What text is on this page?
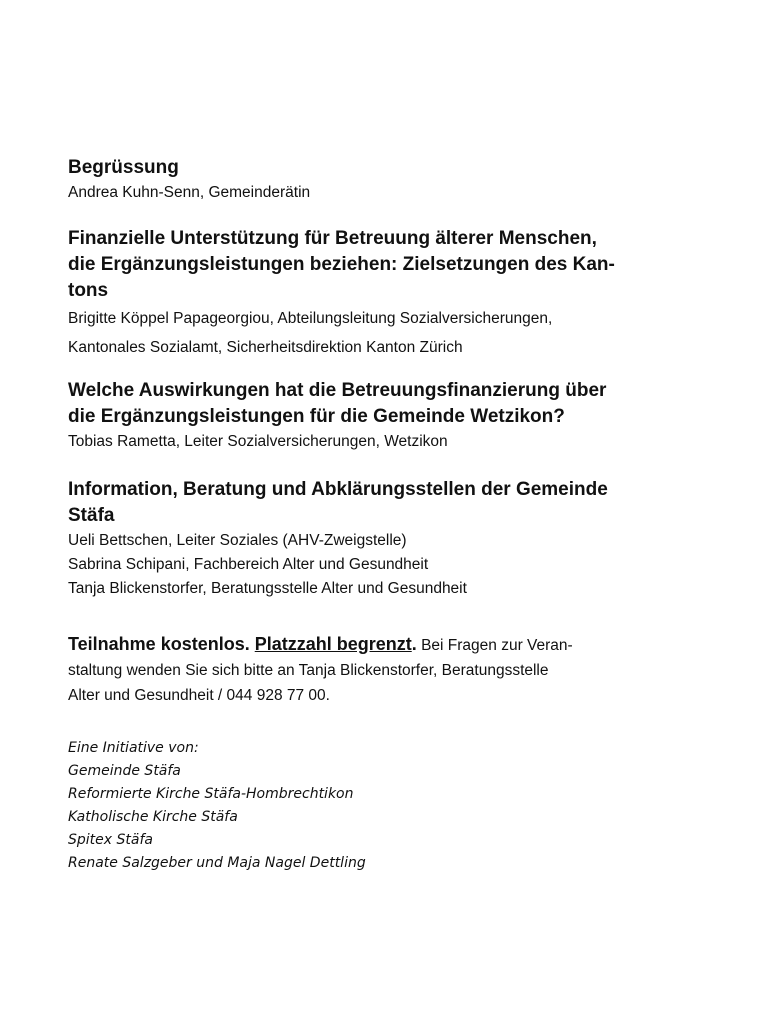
Begrüssung

Andrea Kuhn-Senn, Gemeinderätin

Finanzielle Unterstützung für Betreuung älterer Menschen,
die Ergänzungsleistungen beziehen: Zielsetzungen des Kan-
tons

Brigitte Köppel Papageorgiou, Abteilungsleitung Sozialversicherungen,

Kantonales Sozialamt, Sicherheitsdirektion Kanton Zürich

Welche Auswirkungen hat die Betreuungsfinanzierung über
die Ergänzungsleistungen für die Gemeinde Wetzikon?

Tobias Rametta, Leiter Sozialversicherungen, Wetzikon

Information, Beratung und Abklärungsstellen der Gemeinde
Stäfa

Ueli Bettschen, Leiter Soziales (AHV-Zweigstelle)

Sabrina Schipani, Fachbereich Alter und Gesundheit

Tanja Blickenstorfer, Beratungsstelle Alter und Gesundheit

Teilnahme kostenlos. Platzzahl begrenzt. Bei Fragen zur Veran-
staltung wenden Sie sich bitte an Tanja Blickenstorfer, Beratungsstelle
Alter und Gesundheit / 044 928 77 00.
Eine Initiative von:
Gemeinde Stäfa
Reformierte Kirche Stäfa-Hombrechtikon
Katholische Kirche Stäfa
Spitex Stäfa
Renate Salzgeber und Maja Nagel Dettling
